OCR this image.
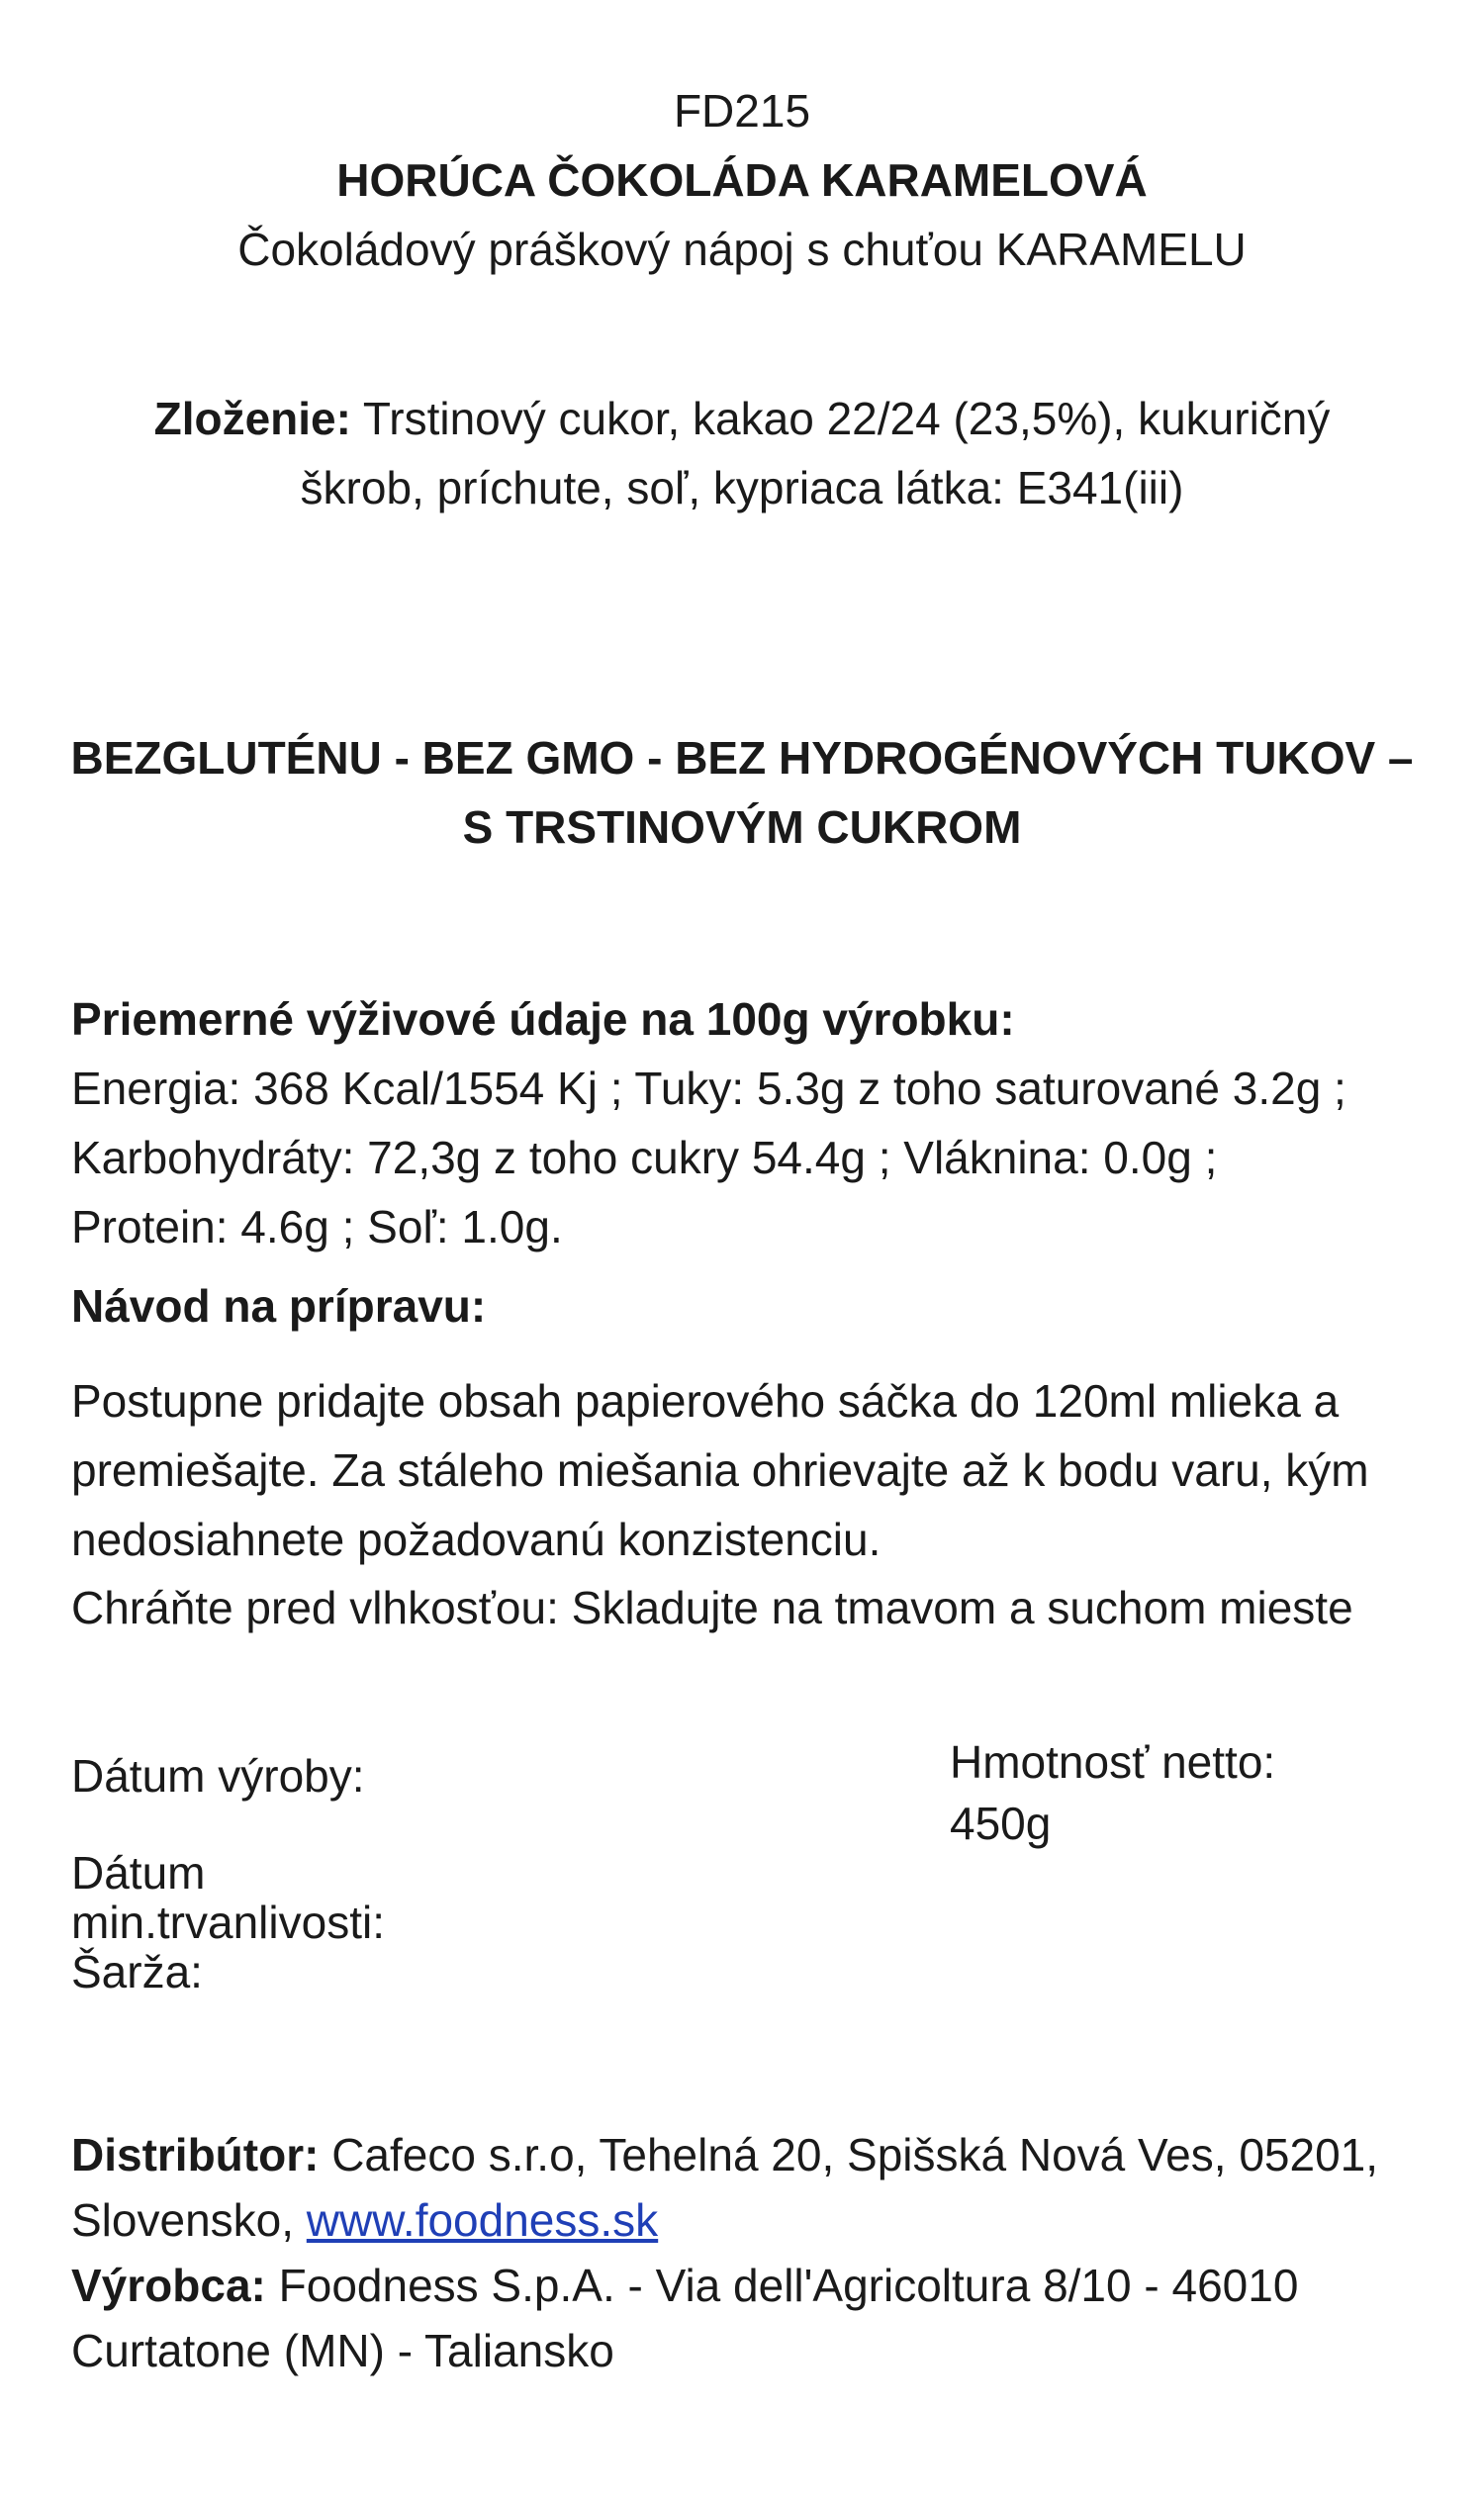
FD215
HORÚCA ČOKOLÁDA KARAMELOVÁ
Čokoládový práškový nápoj s chuťou KARAMELU
Zloženie: Trstinový cukor, kakao 22/24 (23,5%), kukuričný
škrob, príchute, soľ, kypriaca látka: E341(iii)
BEZGLUTÉNU - BEZ GMO - BEZ HYDROGÉNOVÝCH TUKOV –
S TRSTINOVÝM CUKROM

Priemerné výživové údaje na 100g výrobku:

Energia: 368 Kcal/1554 Kj ; Tuky: 5.3g z toho saturované 3.2g ;

Karbohydráty: 72,3g z toho cukry 54.4g ; Vláknina: 0.0g ;

Protein: 4.6g ; Soľ: 1.0g.

Návod na prípravu:

Postupne pridajte obsah papierového sáčka do 120ml mlieka a

premiešajte. Za stáleho miešania ohrievajte až k bodu varu, kým

nedosiahnete požadovanú konzistenciu.

Chráňte pred vlhkosťou: Skladujte na tmavom a suchom mieste
Dátum výroby:
Dátum
min.trvanlivosti:
Šarža:
Hmotnosť netto:
450g

Distribútor: Cafeco s.r.o, Tehelná 20, Spišská Nová Ves, 05201,

Slovensko, www.foodness.sk

Výrobca: Foodness S.p.A. - Via dell'Agricoltura 8/10 - 46010

Curtatone (MN) - Taliansko
